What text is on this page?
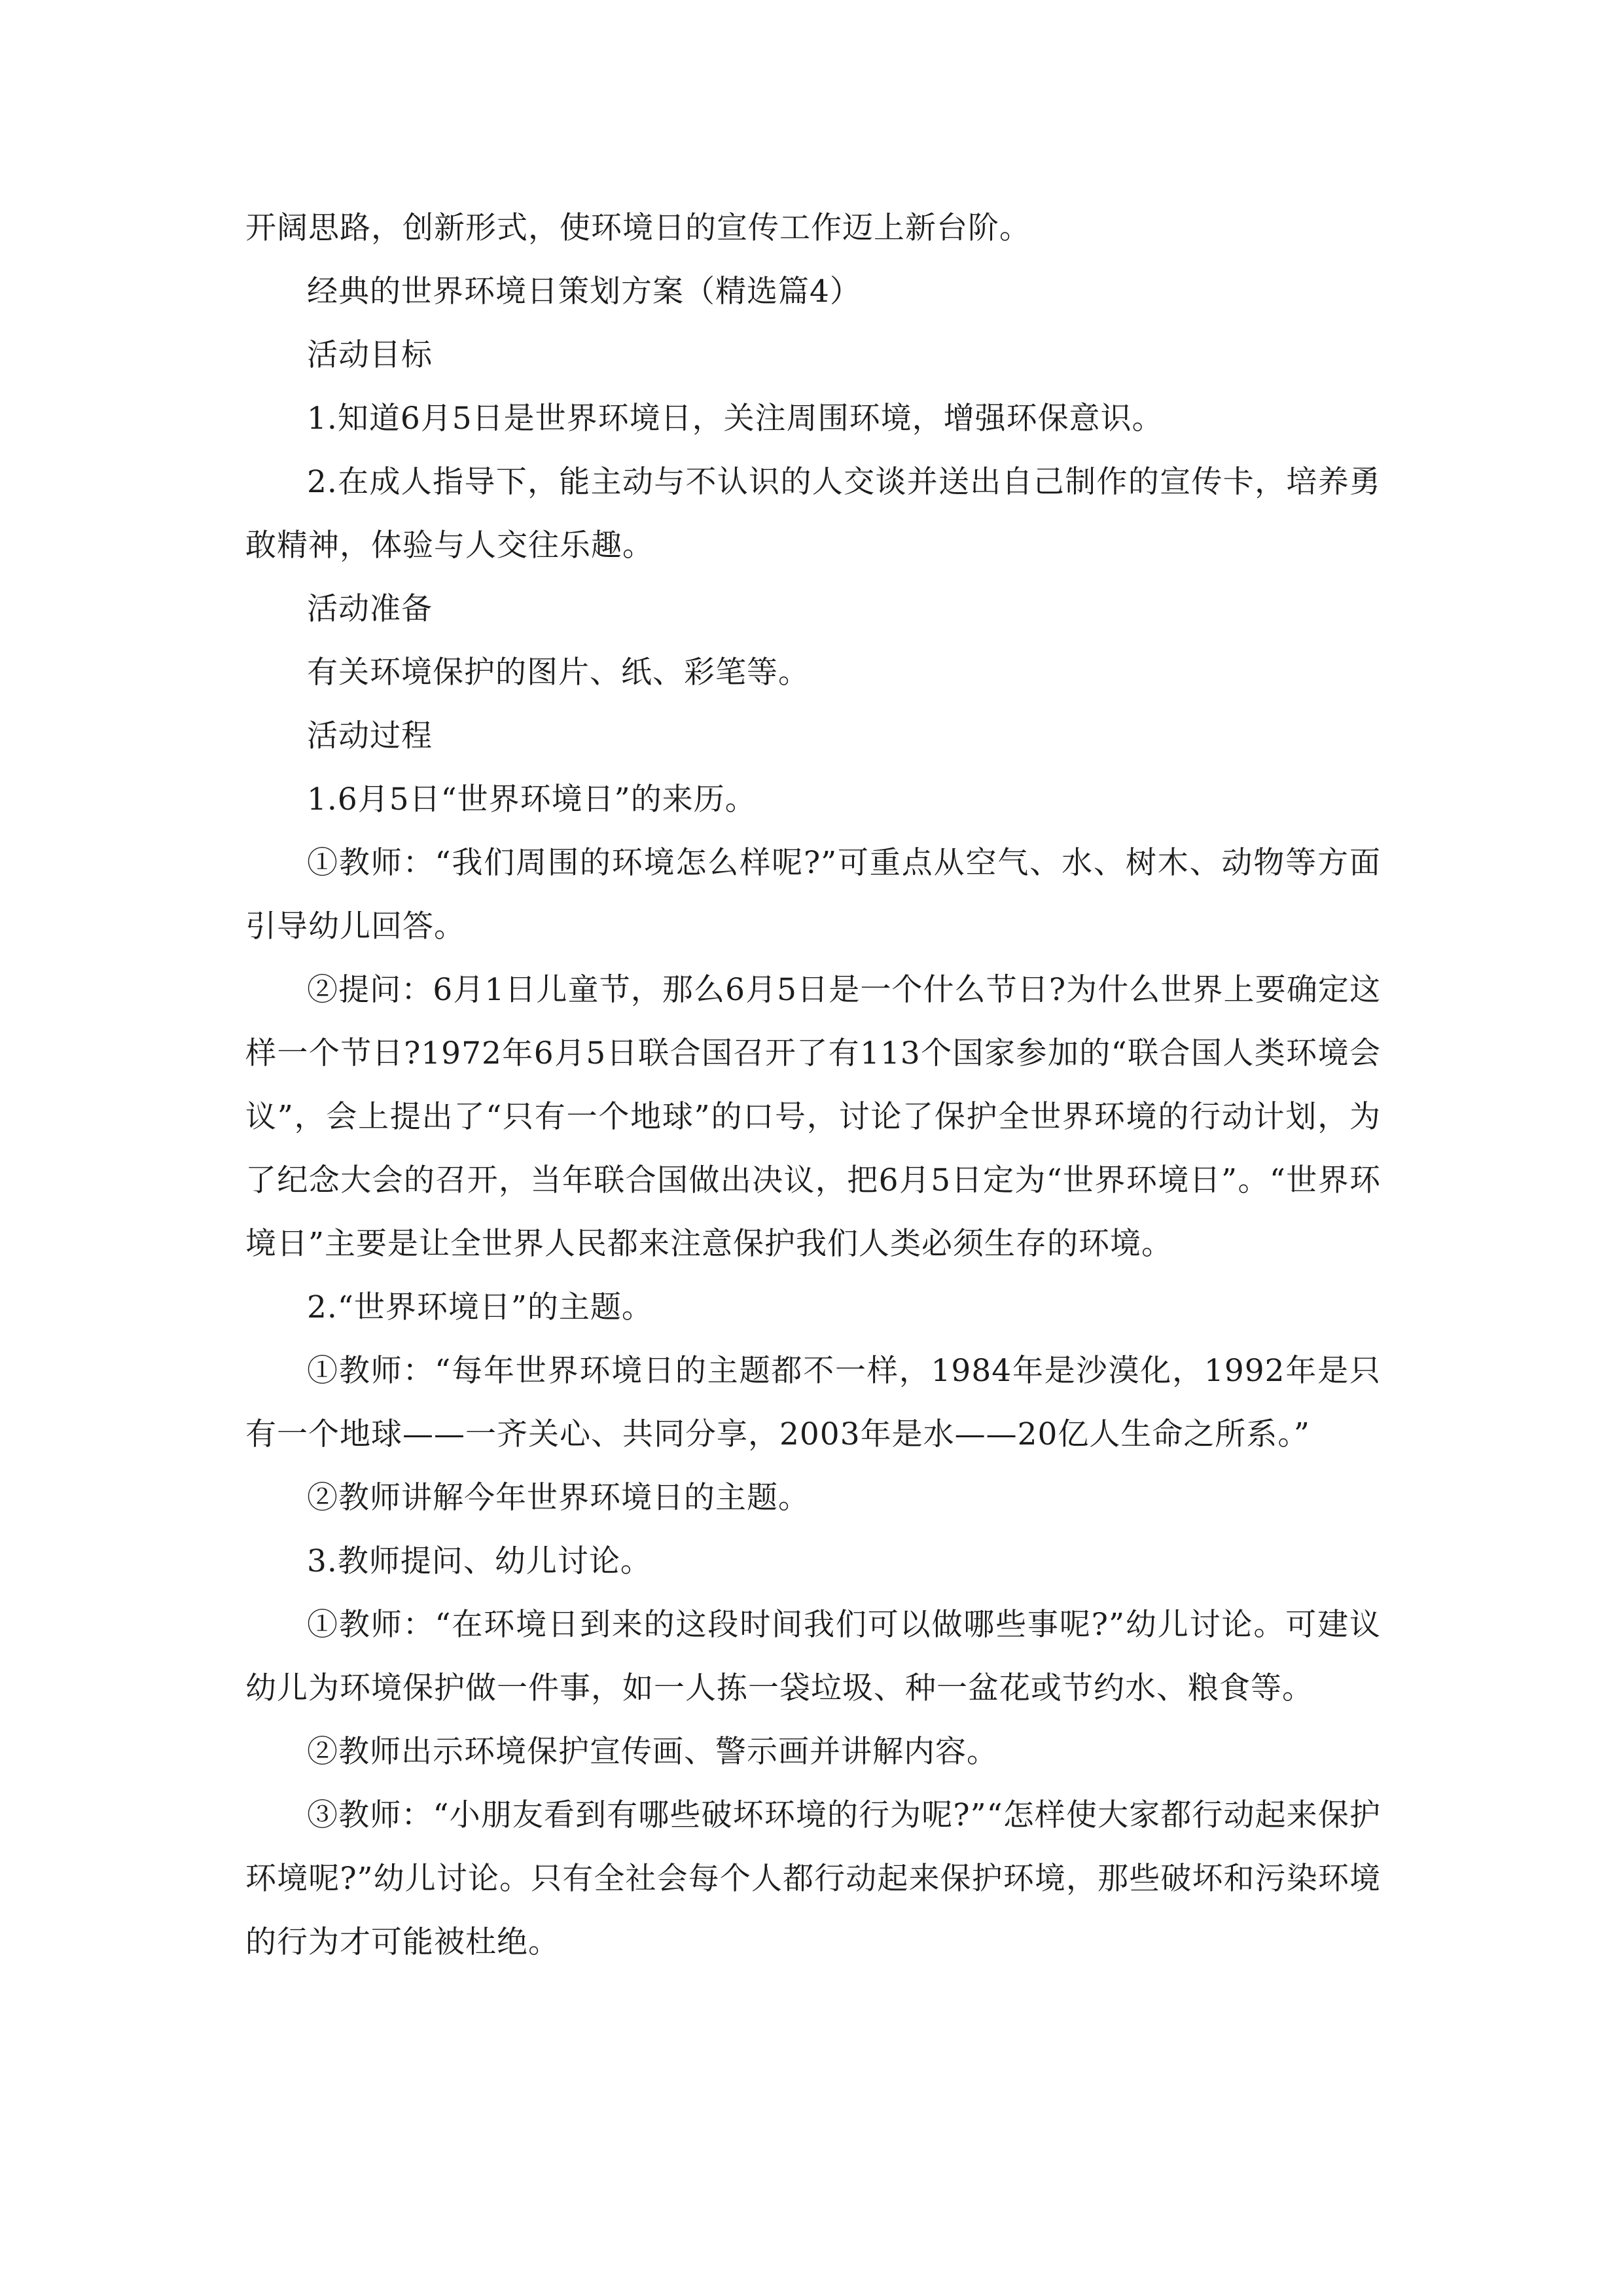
开阔思路，创新形式，使环境日的宣传工作迈上新台阶。

经典的世界环境日策划方案（精选篇4）

活动目标

1.知道6月5日是世界环境日，关注周围环境，增强环保意识。

2.在成人指导下，能主动与不认识的人交谈并送出自己制作的宣传卡，培养勇敢精神，体验与人交往乐趣。

活动准备

有关环境保护的图片、纸、彩笔等。

活动过程

1.6月5日“世界环境日”的来历。

①教师：“我们周围的环境怎么样呢?”可重点从空气、水、树木、动物等方面引导幼儿回答。

②提问：6月1日儿童节，那么6月5日是一个什么节日?为什么世界上要确定这样一个节日?1972年6月5日联合国召开了有113个国家参加的“联合国人类环境会议”，会上提出了“只有一个地球”的口号，讨论了保护全世界环境的行动计划，为了纪念大会的召开，当年联合国做出决议，把6月5日定为“世界环境日”。“世界环境日”主要是让全世界人民都来注意保护我们人类必须生存的环境。

2.“世界环境日”的主题。

①教师：“每年世界环境日的主题都不一样，1984年是沙漠化，1992年是只有一个地球——一齐关心、共同分享，2003年是水——20亿人生命之所系。”

②教师讲解今年世界环境日的主题。

3.教师提问、幼儿讨论。

①教师：“在环境日到来的这段时间我们可以做哪些事呢?”幼儿讨论。可建议幼儿为环境保护做一件事，如一人拣一袋垃圾、种一盆花或节约水、粮食等。

②教师出示环境保护宣传画、警示画并讲解内容。

③教师：“小朋友看到有哪些破坏环境的行为呢?”“怎样使大家都行动起来保护环境呢?”幼儿讨论。只有全社会每个人都行动起来保护环境，那些破坏和污染环境的行为才可能被杜绝。
